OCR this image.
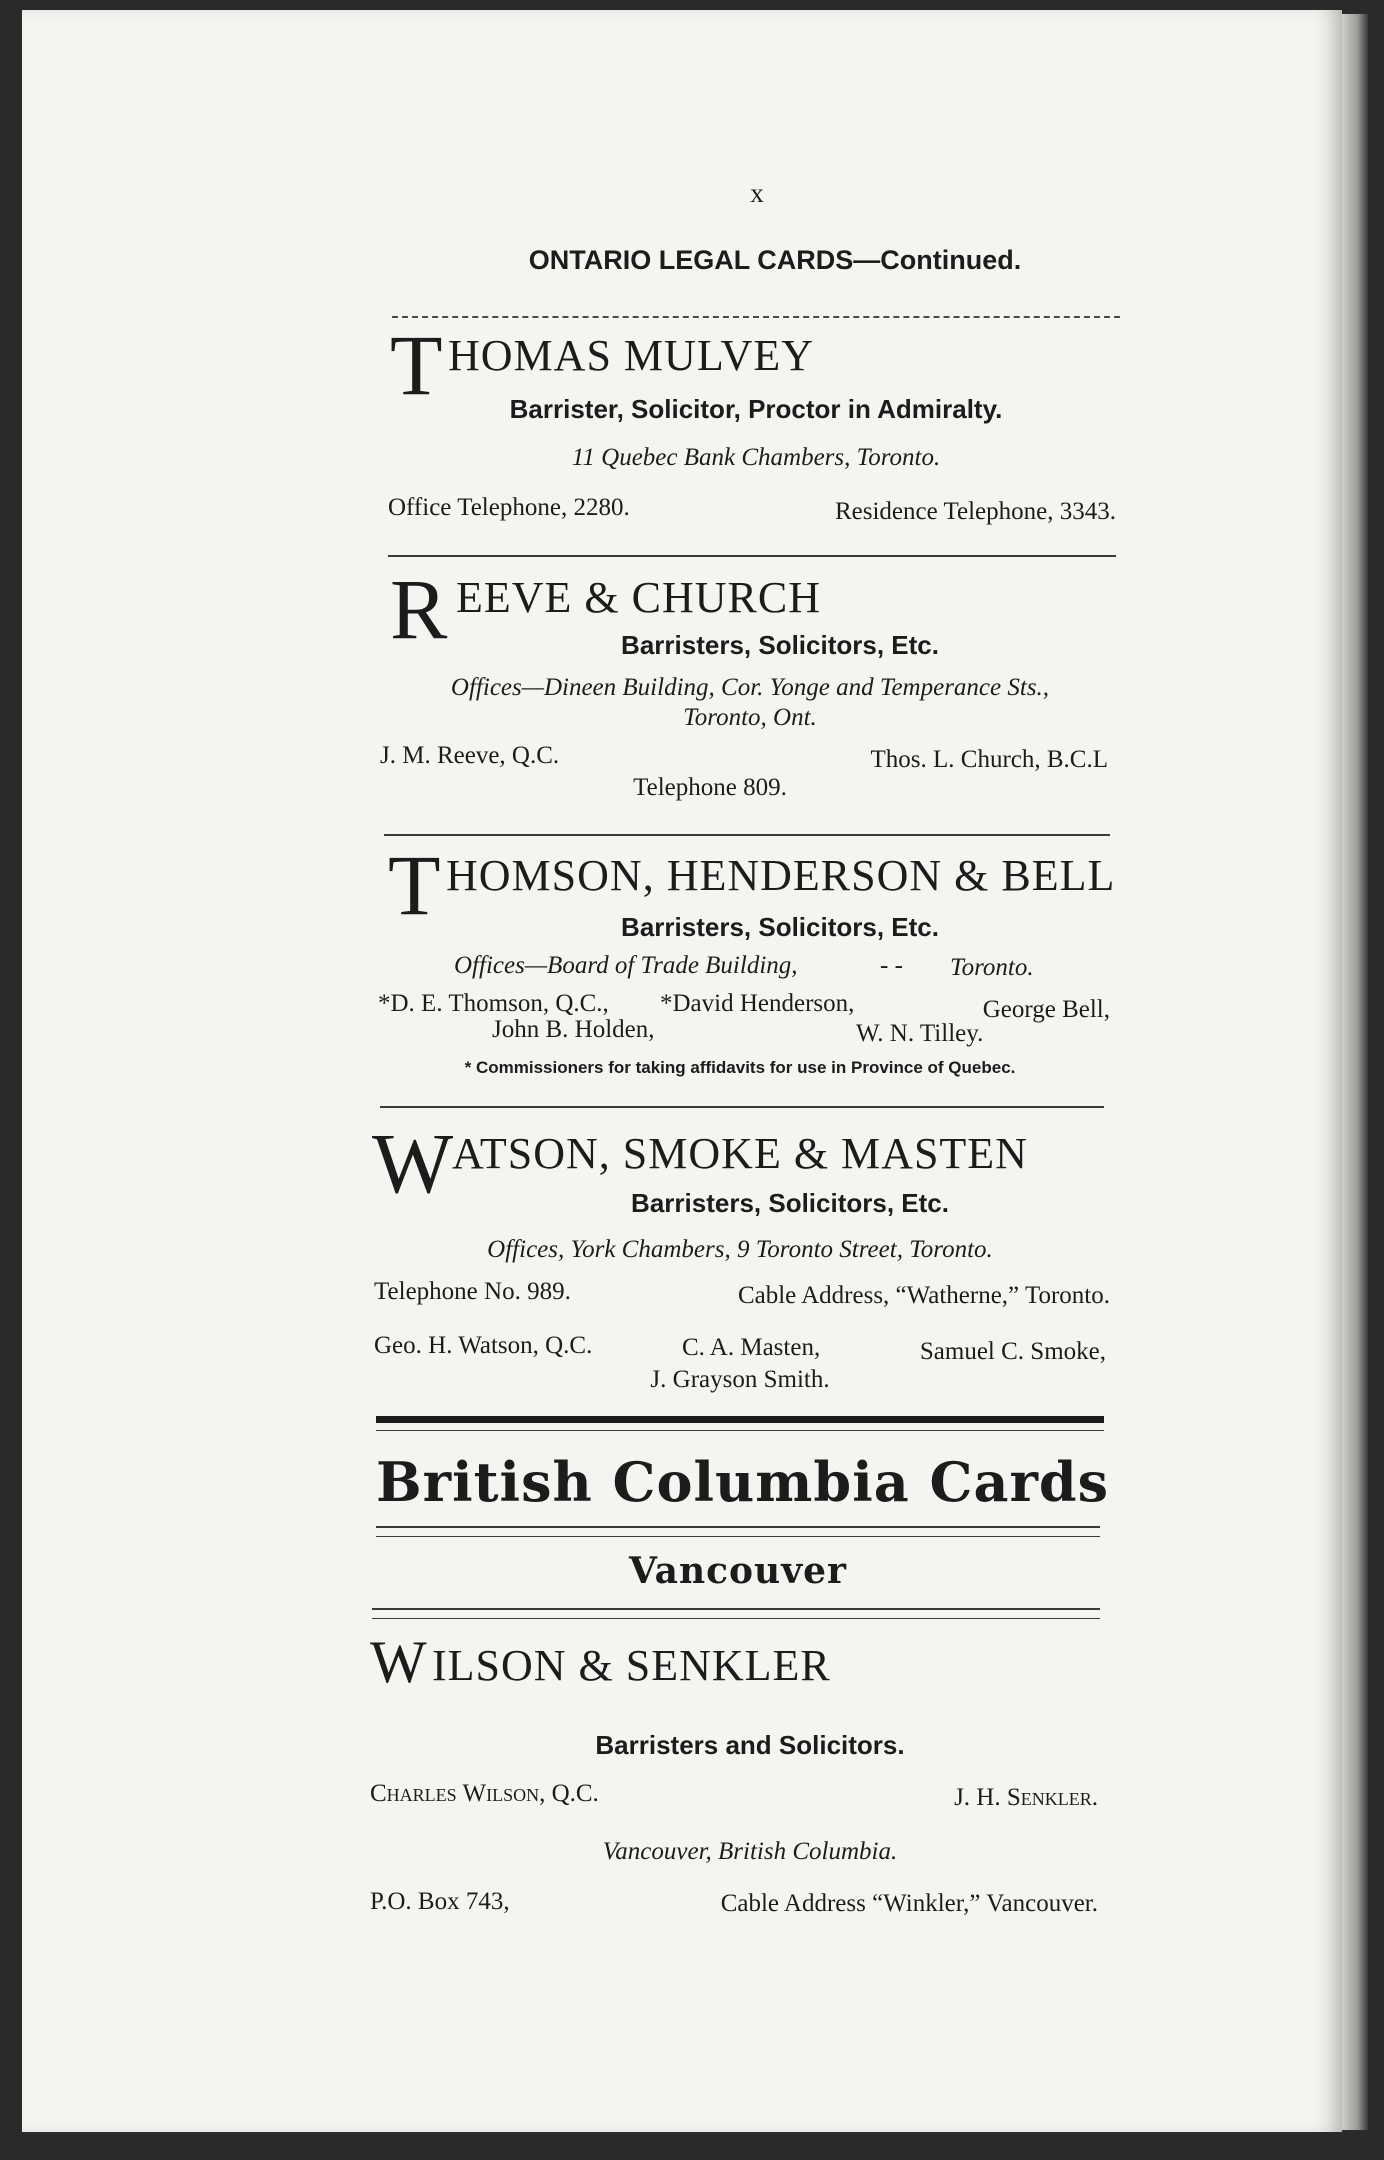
x
ONTARIO LEGAL CARDS—Continued.
T HOMAS MULVEY
Barrister, Solicitor, Proctor in Admiralty.
11 Quebec Bank Chambers, Toronto.
Office Telephone, 2280.	Residence Telephone, 3343.
R EEVE & CHURCH
Barristers, Solicitors, Etc.
Offices—Dineen Building, Cor. Yonge and Temperance Sts.,
Toronto, Ont.
J. M. Reeve, Q.C.	Thos. L. Church, B.C.L
Telephone 809.
T HOMSON, HENDERSON & BELL
Barristers, Solicitors, Etc.
Offices—Board of Trade Building,	- - Toronto.
*D. E. Thomson, Q.C., *David Henderson,	George Bell,
John B. Holden,	W. N. Tilley.
* Commissioners for taking affidavits for use in Province of Quebec.
W
ATSON, SMOKE & MASTEN
Barristers, Solicitors, Etc.
Offices, York Chambers, 9 Toronto Street, Toronto.
Telephone No. 989.	Cable Address, “Watherne,” Toronto.
Geo. H. Watson, Q.C.	C. A. Masten,	Samuel C. Smoke,
J. Grayson Smith.
British Columbia Cards
Vancouver
W ILSON & SENKLER
Barristers and Solicitors.
Charles Wilson, Q.C.	J. H. Senkler.
Vancouver, British Columbia.
P.O. Box 743,	Cable Address “Winkler,” Vancouver.
